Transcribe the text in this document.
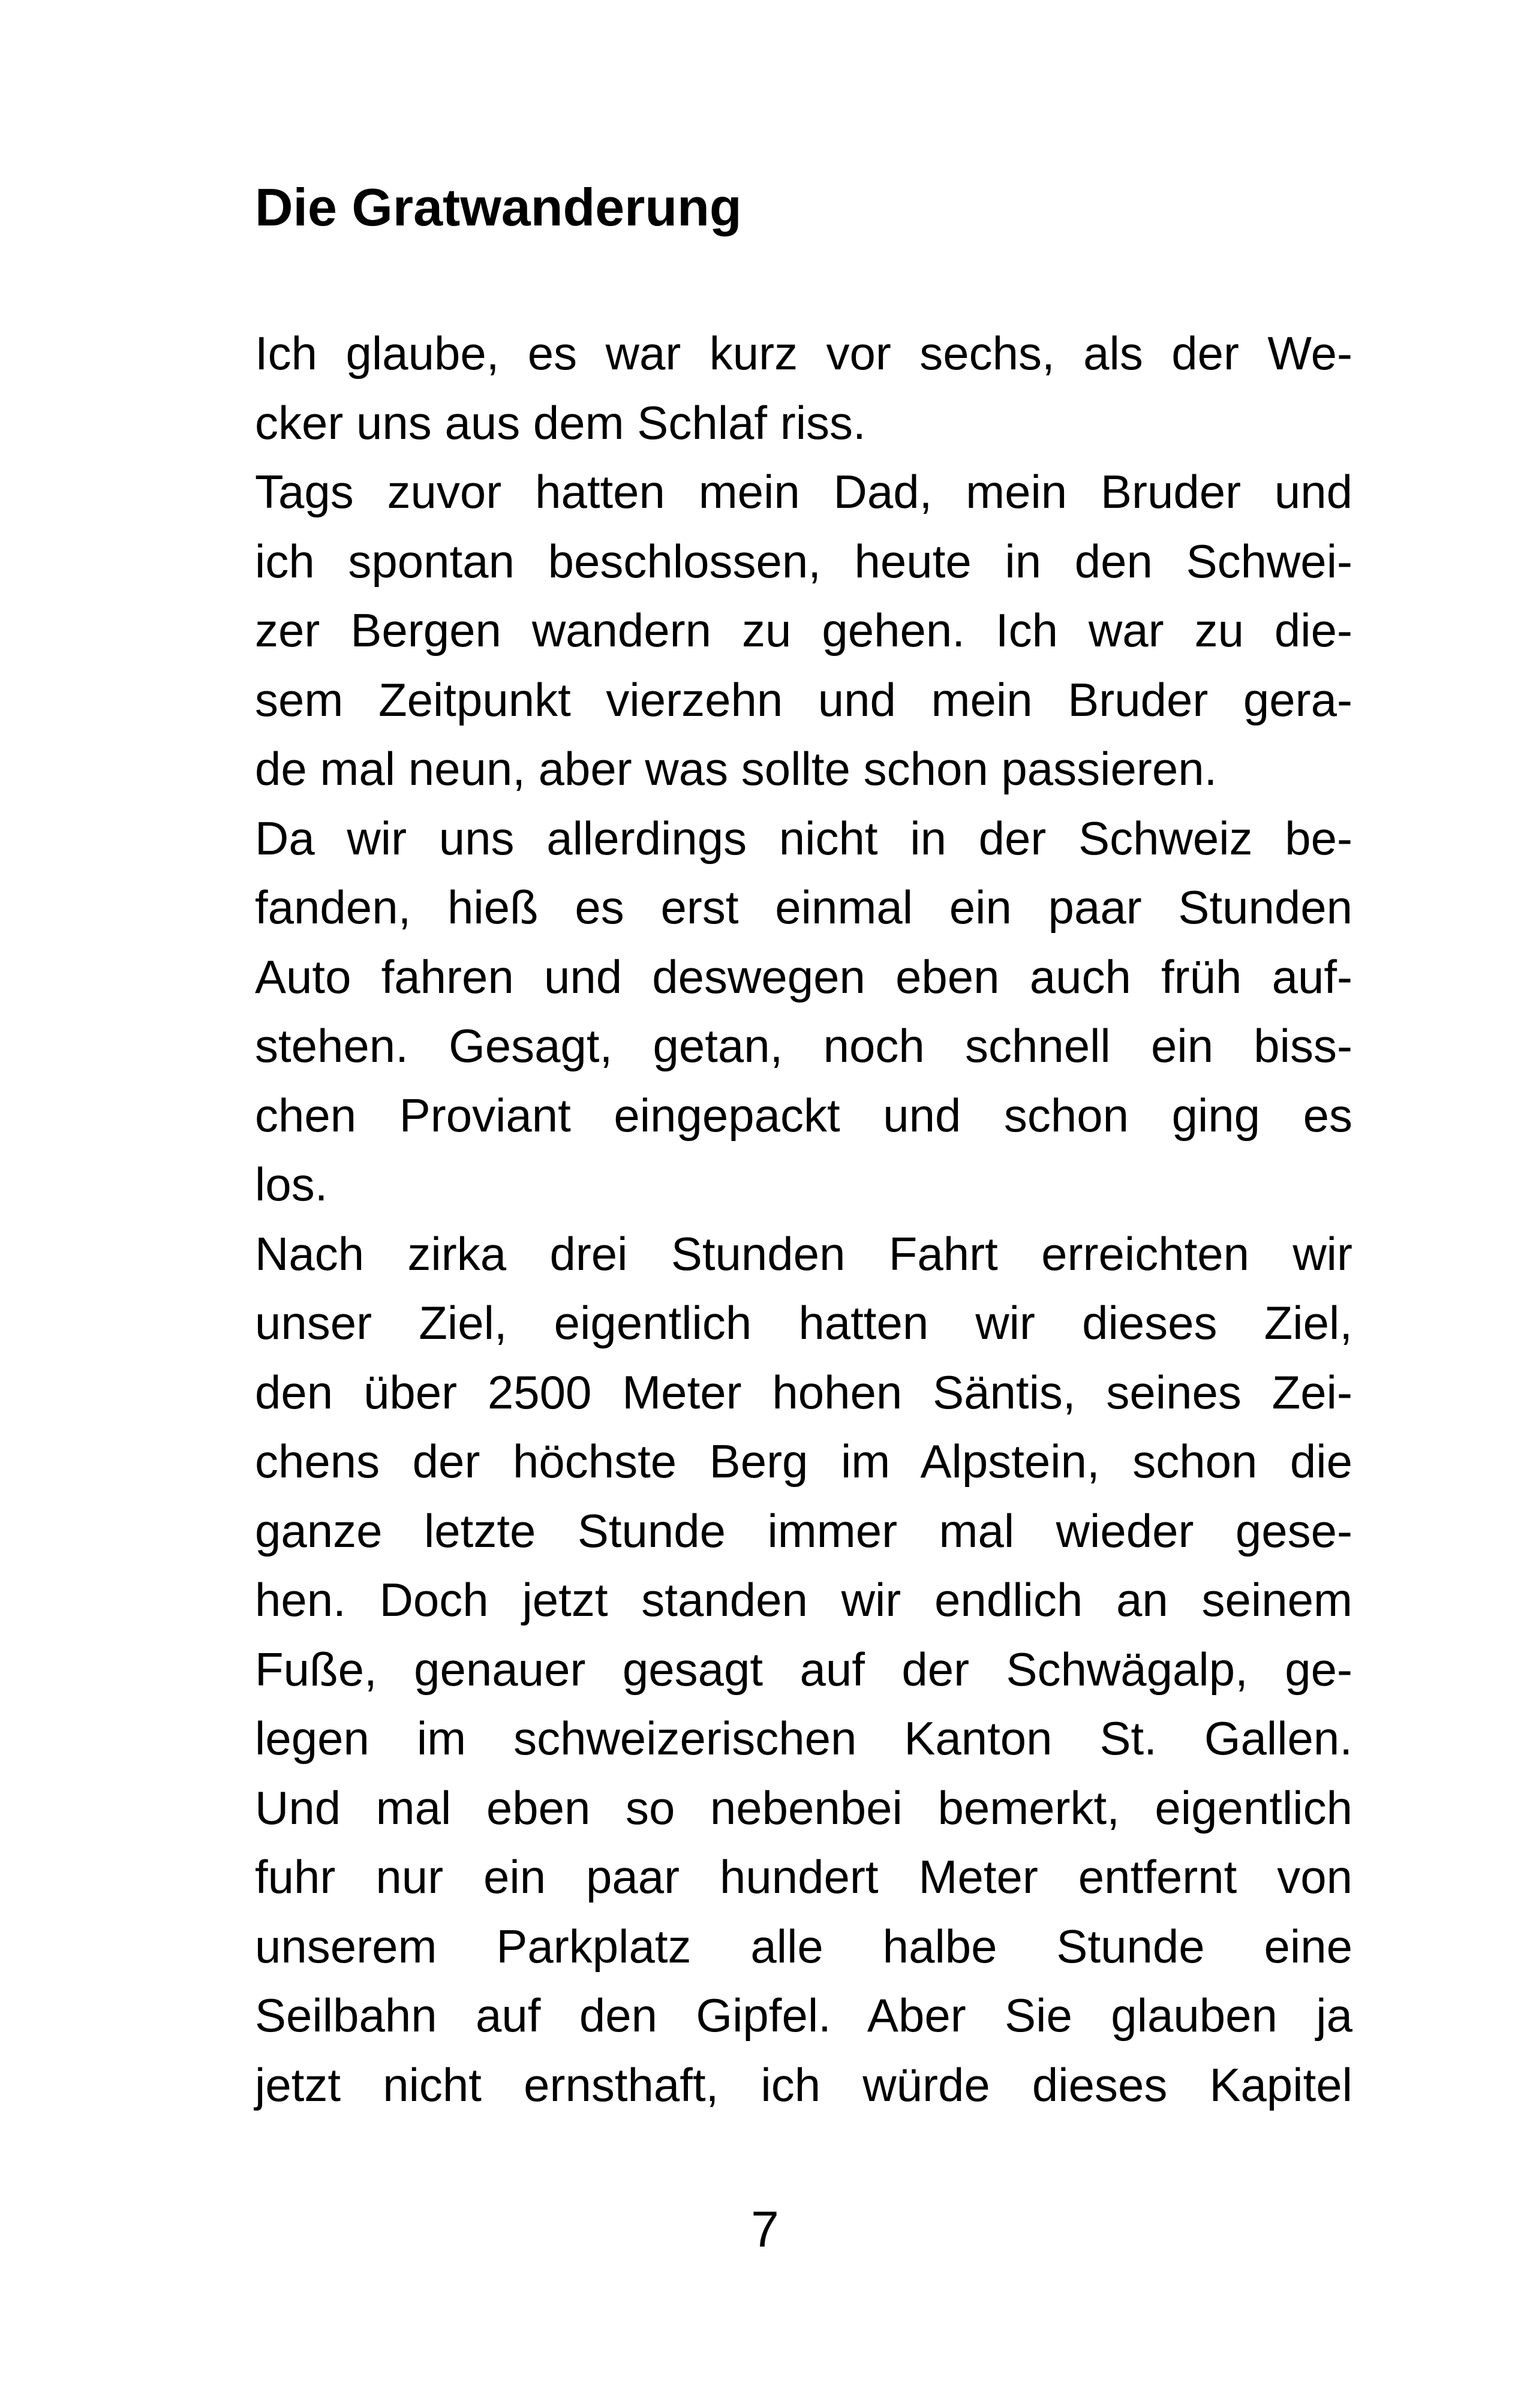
Die Gratwanderung

Ich glaube, es war kurz vor sechs, als der We-
cker uns aus dem Schlaf riss.

Tags zuvor hatten mein Dad, mein Bruder und
ich spontan beschlossen, heute in den Schwei-
zer Bergen wandern zu gehen. Ich war zu die-
sem Zeitpunkt vierzehn und mein Bruder gera-
de mal neun, aber was sollte schon passieren.

Da wir uns allerdings nicht in der Schweiz be-
fanden, hieß es erst einmal ein paar Stunden
Auto fahren und deswegen eben auch früh auf-
stehen. Gesagt, getan, noch schnell ein biss-
chen Proviant eingepackt und schon ging es
los.

Nach zirka drei Stunden Fahrt erreichten wir
unser Ziel, eigentlich hatten wir dieses Ziel,
den über 2500 Meter hohen Säntis, seines Zei-
chens der höchste Berg im Alpstein, schon die
ganze letzte Stunde immer mal wieder gese-
hen. Doch jetzt standen wir endlich an seinem
Fuße, genauer gesagt auf der Schwägalp, ge-
legen im schweizerischen Kanton St. Gallen.
Und mal eben so nebenbei bemerkt, eigentlich
fuhr nur ein paar hundert Meter entfernt von
unserem Parkplatz alle halbe Stunde eine
Seilbahn auf den Gipfel. Aber Sie glauben ja
jetzt nicht ernsthaft, ich würde dieses Kapitel

7
